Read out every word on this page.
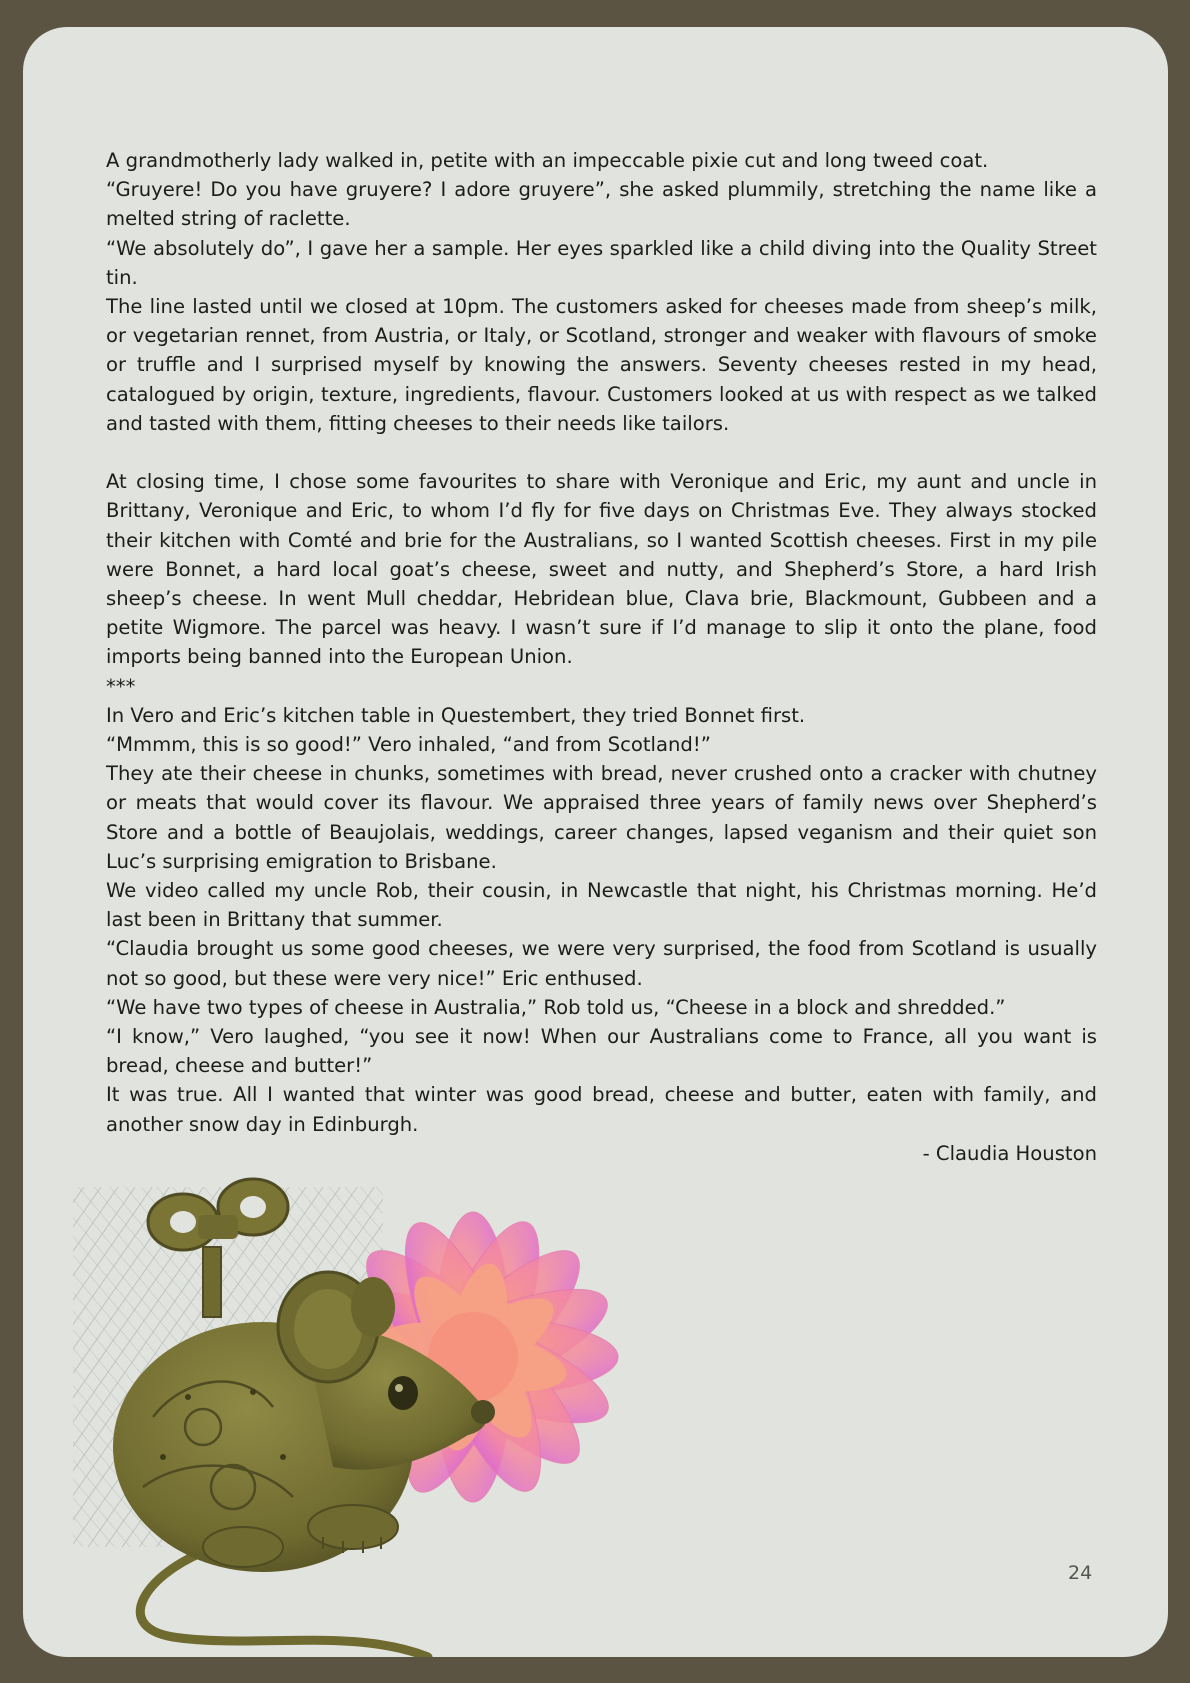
A grandmotherly lady walked in, petite with an impeccable pixie cut and long tweed coat.

“Gruyere! Do you have gruyere? I adore gruyere”, she asked plummily, stretching the name like a melted string of raclette.

“We absolutely do”, I gave her a sample. Her eyes sparkled like a child diving into the Quality Street tin.

The line lasted until we closed at 10pm. The customers asked for cheeses made from sheep’s milk, or vegetarian rennet, from Austria, or Italy, or Scotland, stronger and weaker with flavours of smoke or truffle and I surprised myself by knowing the answers. Seventy cheeses rested in my head, catalogued by origin, texture, ingredients, flavour. Customers looked at us with respect as we talked and tasted with them, fitting cheeses to their needs like tailors.

At closing time, I chose some favourites to share with Veronique and Eric, my aunt and uncle in Brittany, Veronique and Eric, to whom I’d fly for five days on Christmas Eve. They always stocked their kitchen with Comté and brie for the Australians, so I wanted Scottish cheeses. First in my pile were Bonnet, a hard local goat’s cheese, sweet and nutty, and Shepherd’s Store, a hard Irish sheep’s cheese. In went Mull cheddar, Hebridean blue, Clava brie, Blackmount, Gubbeen and a petite Wigmore. The parcel was heavy. I wasn’t sure if I’d manage to slip it onto the plane, food imports being banned into the European Union.

***

In Vero and Eric’s kitchen table in Questembert, they tried Bonnet first.

“Mmmm, this is so good!” Vero inhaled, “and from Scotland!”

They ate their cheese in chunks, sometimes with bread, never crushed onto a cracker with chutney or meats that would cover its flavour. We appraised three years of family news over Shepherd’s Store and a bottle of Beaujolais, weddings, career changes, lapsed veganism and their quiet son Luc’s surprising emigration to Brisbane.

We video called my uncle Rob, their cousin, in Newcastle that night, his Christmas morning. He’d last been in Brittany that summer.

“Claudia brought us some good cheeses, we were very surprised, the food from Scotland is usually not so good, but these were very nice!” Eric enthused.

“We have two types of cheese in Australia,” Rob told us, “Cheese in a block and shredded.”

“I know,” Vero laughed, “you see it now! When our Australians come to France, all you want is bread, cheese and butter!”

It was true. All I wanted that winter was good bread, cheese and butter, eaten with family, and another snow day in Edinburgh.

- Claudia Houston

24
